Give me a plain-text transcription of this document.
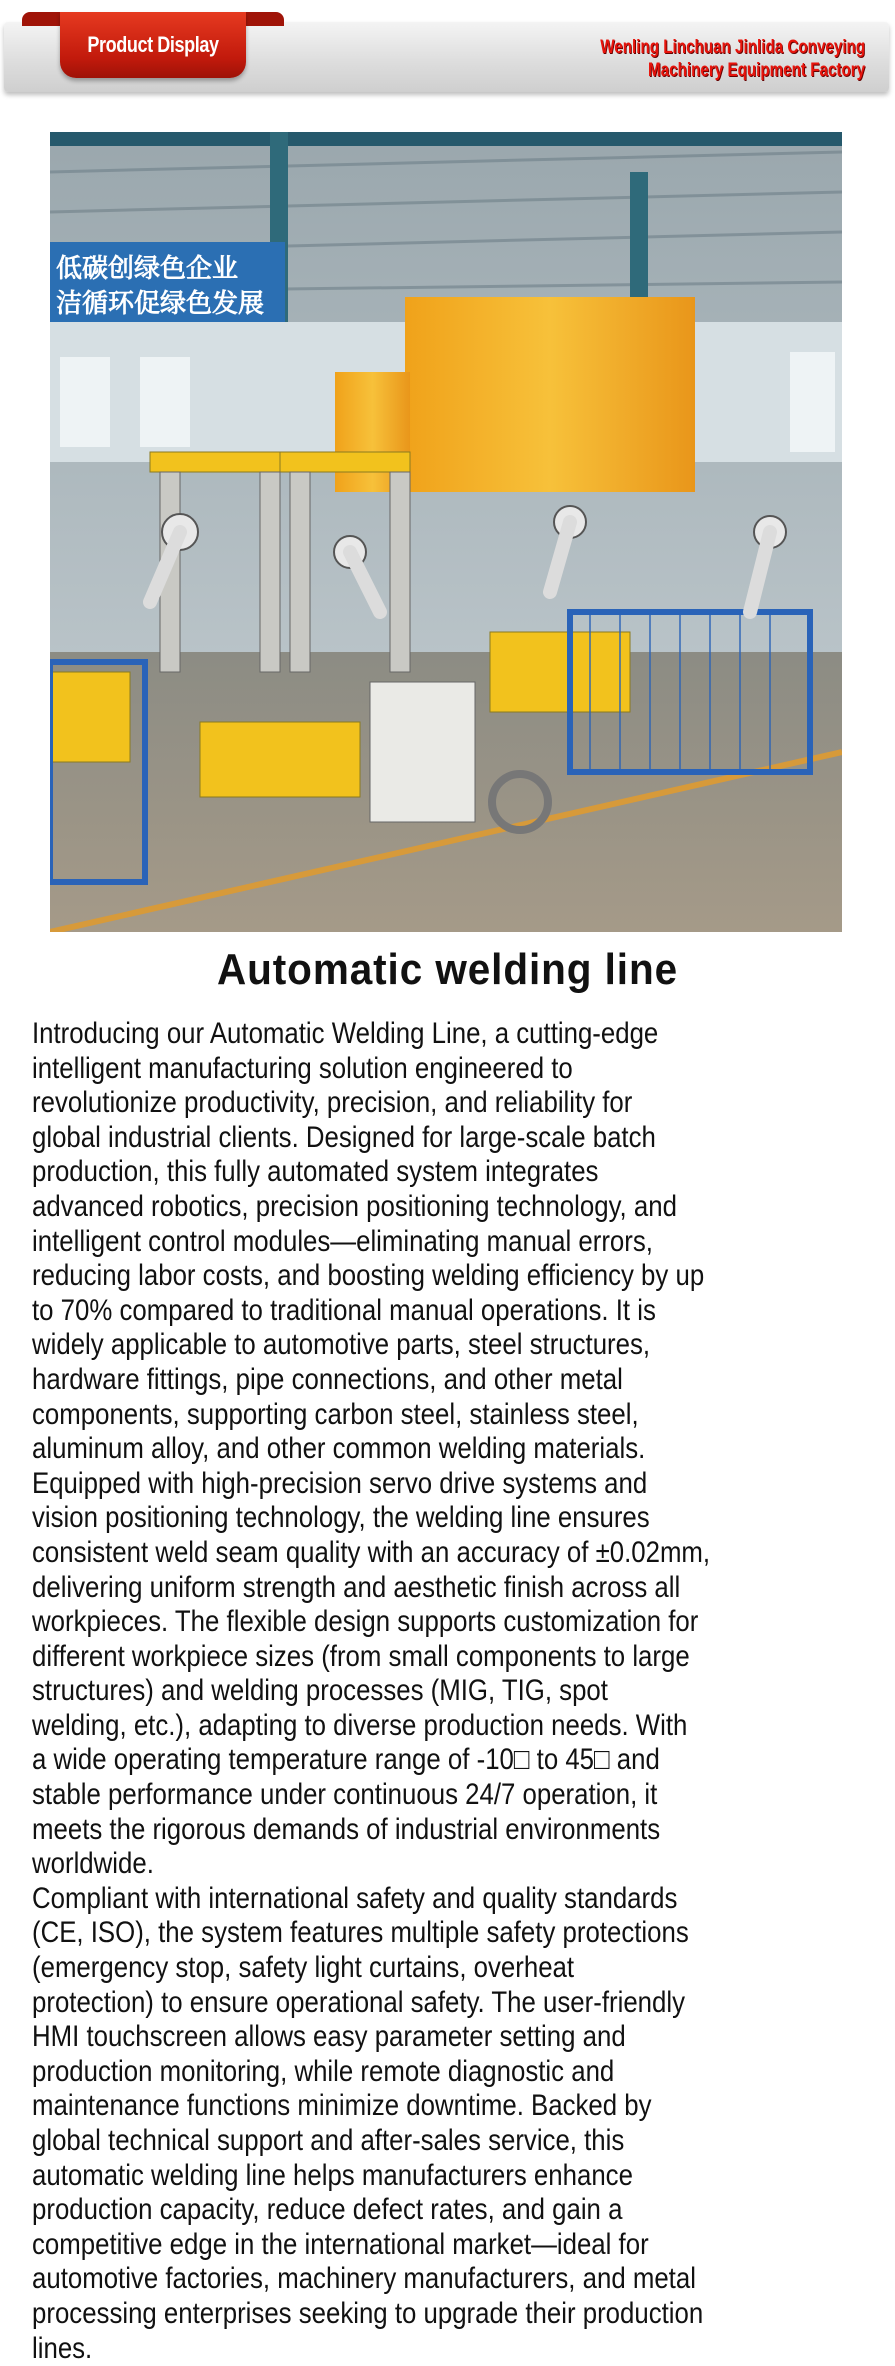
Product Display	Wenling Linchuan Jinlida Conveying
Machinery Equipment Factory
低碳创绿色企业
洁循环促绿色发展
Automatic welding line
Introducing our Automatic Welding Line, a cutting-edge
intelligent manufacturing solution engineered to
revolutionize productivity, precision, and reliability for
global industrial clients. Designed for large-scale batch
production, this fully automated system integrates
advanced robotics, precision positioning technology, and
intelligent control modules—eliminating manual errors,
reducing labor costs, and boosting welding efficiency by up
to 70% compared to traditional manual operations. It is
widely applicable to automotive parts, steel structures,
hardware fittings, pipe connections, and other metal
components, supporting carbon steel, stainless steel,
aluminum alloy, and other common welding materials.
Equipped with high-precision servo drive systems and
vision positioning technology, the welding line ensures
consistent weld seam quality with an accuracy of ±0.02mm,
delivering uniform strength and aesthetic finish across all
workpieces. The flexible design supports customization for
different workpiece sizes (from small components to large
structures) and welding processes (MIG, TIG, spot
welding, etc.), adapting to diverse production needs. With
a wide operating temperature range of -10□ to 45□ and
stable performance under continuous 24/7 operation, it
meets the rigorous demands of industrial environments
worldwide.
Compliant with international safety and quality standards
(CE, ISO), the system features multiple safety protections
(emergency stop, safety light curtains, overheat
protection) to ensure operational safety. The user-friendly
HMI touchscreen allows easy parameter setting and
production monitoring, while remote diagnostic and
maintenance functions minimize downtime. Backed by
global technical support and after-sales service, this
automatic welding line helps manufacturers enhance
production capacity, reduce defect rates, and gain a
competitive edge in the international market—ideal for
automotive factories, machinery manufacturers, and metal
processing enterprises seeking to upgrade their production
lines.
